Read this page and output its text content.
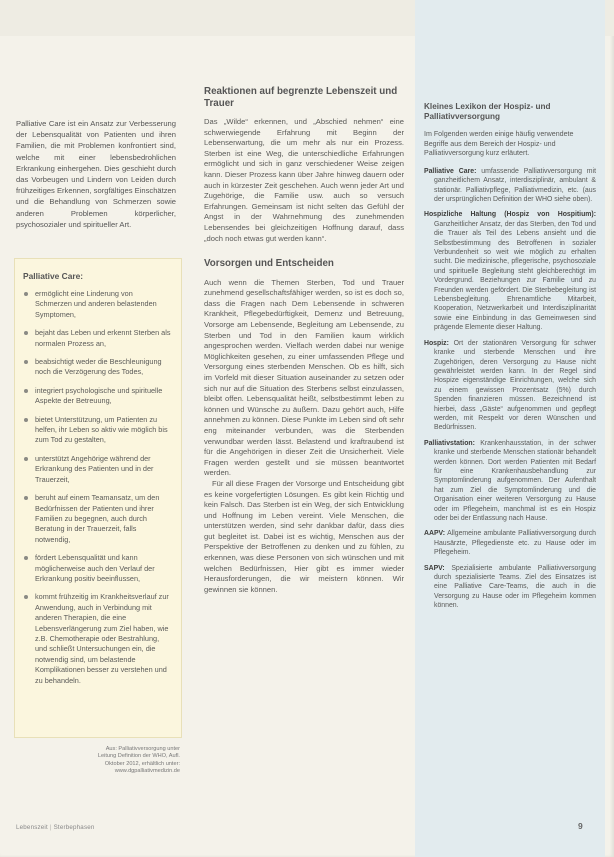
Palliative Care ist ein Ansatz zur Verbesserung der Lebensqualität von Patienten und ihren Familien, die mit Problemen konfrontiert sind, welche mit einer lebensbedrohlichen Erkrankung einhergehen. Dies geschieht durch das Vorbeugen und Lindern von Leiden durch frühzeitiges Erkennen, sorgfältiges Einschätzen und die Behandlung von Schmerzen sowie anderen Problemen körperlicher, psychosozialer und spiritueller Art.

Palliative Care:
ermöglicht eine Linderung von Schmerzen und anderen belastenden Symptomen,
bejaht das Leben und erkennt Sterben als normalen Prozess an,
beabsichtigt weder die Beschleunigung noch die Verzögerung des Todes,
integriert psychologische und spirituelle Aspekte der Betreuung,
bietet Unterstützung, um Patienten zu helfen, ihr Leben so aktiv wie möglich bis zum Tod zu gestalten,
unterstützt Angehörige während der Erkrankung des Patienten und in der Trauerzeit,
beruht auf einem Teamansatz, um den Bedürfnissen der Patienten und ihrer Familien zu begegnen, auch durch Beratung in der Trauerzeit, falls notwendig,
fördert Lebensqualität und kann möglicherweise auch den Verlauf der Erkrankung positiv beeinflussen,
kommt frühzeitig im Krankheitsverlauf zur Anwendung, auch in Verbindung mit anderen Therapien, die eine Lebensverlängerung zum Ziel haben, wie z.B. Chemotherapie oder Bestrahlung, und schließt Untersuchungen ein, die notwendig sind, um belastende Komplikationen besser zu verstehen und zu behandeln.
Aus: Palliativversorgung unter Leitung Definition der WHO, Aufl. Oktober 2012, erhältlich unter: www.dgpalliativmedizin.de
Reaktionen auf begrenzte Lebenszeit und Trauer

Das „Wilde“ erkennen, und „Abschied nehmen“ eine schwerwiegende Erfahrung mit Beginn der Lebenserwartung, die um mehr als nur ein Prozess. Sterben ist eine Weg, die unterschiedliche Erfahrungen ermöglicht und sich in ganz verschiedener Weise zeigen kann. Dieser Prozess kann über Jahre hinweg dauern oder auch in kürzester Zeit geschehen. Auch wenn jeder Art und Zugehörige, die Familie usw. auch so versuch Erfahrungen. Gemeinsam ist nicht selten das Gefühl der Angst in der Wahrnehmung des zunehmenden Lebensendes bei gleichzeitigen Hoffnung darauf, dass „doch noch etwas gut werden kann“.

Vorsorgen und Entscheiden

Auch wenn die Themen Sterben, Tod und Trauer zunehmend gesellschaftsfähiger werden, so ist es doch so, dass die Fragen nach Dem Lebensende in schweren Krankheit, Pflegebedürftigkeit, Demenz und Betreuung, Vorsorge am Lebensende, Begleitung am Lebensende, zu Sterben und Tod in den Familien kaum wirklich angesprochen werden. Vielfach werden dabei nur wenige Möglichkeiten gesehen, zu einer umfassenden Pflege und Versorgung eines sterbenden Menschen. Ob es hilft, sich im Vorfeld mit dieser Situation auseinander zu setzen oder sich nur auf die Situation des Sterbens selbst einzulassen, bleibt offen. Lebensqualität heißt, selbstbestimmt leben zu können und Wünsche zu äußern. Dazu gehört auch, Hilfe annehmen zu können. Diese Punkte im Leben sind oft sehr eng miteinander verbunden, was die Sterbenden verwundbar werden lässt. Belastend und kraftraubend ist für die Angehörigen in dieser Zeit die Unsicherheit. Viele Fragen werden gestellt und sie müssen beantwortet werden.

Für all diese Fragen der Vorsorge und Entscheidung gibt es keine vorgefertigten Lösungen. Es gibt kein Richtig und kein Falsch. Das Sterben ist ein Weg, der sich Entwicklung und Hoffnung im Leben vereint. Viele Menschen, die unterstützen werden, sind sehr dankbar dafür, dass dies gut begleitet ist. Dabei ist es wichtig, Menschen aus der Perspektive der Betroffenen zu denken und zu fühlen, zu erkennen, was diese Personen von sich wünschen und mit welchen Bedürfnissen, Hier gibt es immer wieder Herausforderungen, die wir meistern können. Wir gewinnen sie können.

Kleines Lexikon der Hospiz- und Palliativversorgung
Im Folgenden werden einige häufig verwendete Begriffe aus dem Bereich der Hospiz- und Palliativversorgung kurz erläutert.
Palliative Care: umfassende Palliativversorgung mit ganzheitlichem Ansatz, interdisziplinär, ambulant & stationär. Palliativpflege, Palliativmedizin, etc. (aus der ursprünglichen Definition der WHO siehe oben).
Hospizliche Haltung (Hospiz von Hospitium): Ganzheitlicher Ansatz, der das Sterben, den Tod und die Trauer als Teil des Lebens ansieht und die Selbstbestimmung des Betroffenen in sozialer Verbundenheit so weit wie möglich zu erhalten sucht. Die medizinische, pflegerische, psychosoziale und spirituelle Begleitung steht gleichberechtigt im Vordergrund. Beziehungen zur Familie und zu Freunden werden gefördert. Die Sterbebegleitung ist Lebensbegleitung. Ehrenamtliche Mitarbeit, Kooperation, Netzwerkarbeit und Interdisziplinarität sowie eine Einbindung in das Gemeinwesen sind prägende Elemente dieser Haltung.
Hospiz: Ort der stationären Versorgung für schwer kranke und sterbende Menschen und ihre Zugehörigen, deren Versorgung zu Hause nicht gewährleistet werden kann. In der Regel sind Hospize eigenständige Einrichtungen, welche sich zu einem gewissen Prozentsatz (5%) durch Spenden finanzieren müssen. Bezeichnend ist hierbei, dass „Gäste“ aufgenommen und gepflegt werden, mit Respekt vor deren Wünschen und Bedürfnissen.
Palliativstation: Krankenhausstation, in der schwer kranke und sterbende Menschen stationär behandelt werden können. Dort werden Patienten mit Bedarf für eine Krankenhausbehandlung zur Symptomlinderung aufgenommen. Der Aufenthalt hat zum Ziel die Symptomlinderung und die Organisation einer weiteren Versorgung zu Hause oder im Pflegeheim, manchmal ist es ein Hospiz oder bei der Entlassung nach Hause.
AAPV: Allgemeine ambulante Palliativversorgung durch Hausärzte, Pflegedienste etc. zu Hause oder im Pflegeheim.
SAPV: Spezialisierte ambulante Palliativversorgung durch spezialisierte Teams. Ziel des Einsatzes ist eine Palliative Care-Teams, die auch in die Versorgung zu Hause oder im Pflegeheim kommen können.
Lebenszeit | Sterbephasen	9
